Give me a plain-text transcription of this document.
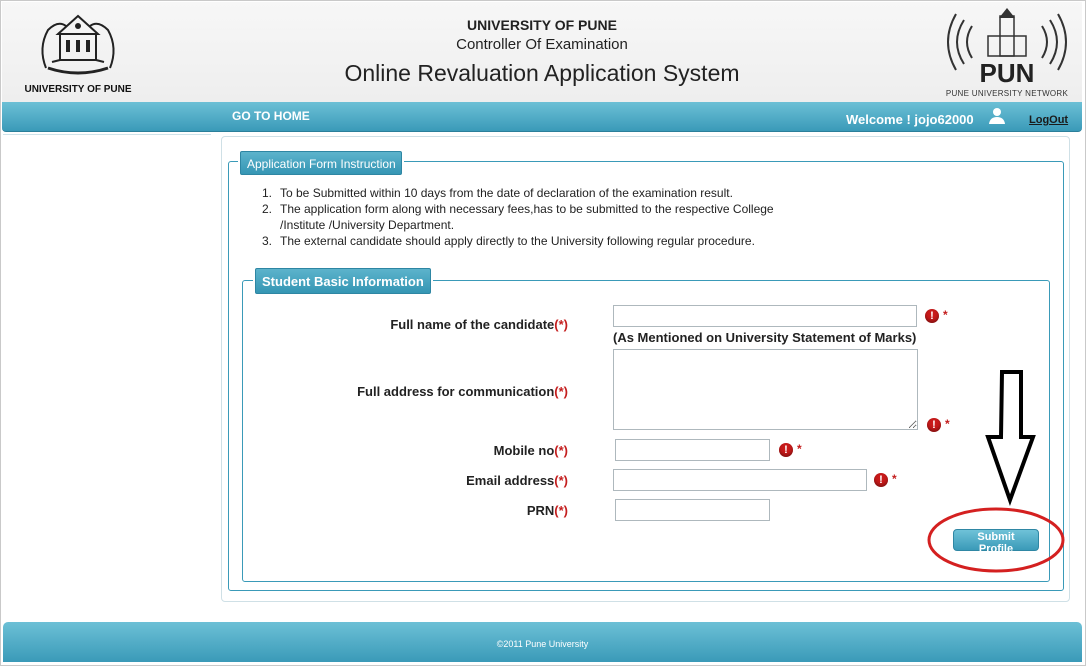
UNIVERSITY OF PUNE
UNIVERSITY OF PUNE
Controller Of Examination
Online Revaluation Application System	PUN
PUNE UNIVERSITY NETWORK
GO TO HOME	Welcome ! jojo62000	LogOut
Application Form Instruction
1. To be Submitted within 10 days from the date of declaration of the examination result.
2. The application form along with necessary fees,has to be submitted to the respective College
/Institute /University Department.
3. The external candidate should apply directly to the University following regular procedure.
Student Basic Information
Full name of the candidate(*)
! *
(As Mentioned on University Statement of Marks)
Full address for communication(*)
! *
Mobile no(*)	! *
Email address(*)	! *
PRN(*)
Submit Profile
©2011 Pune University
